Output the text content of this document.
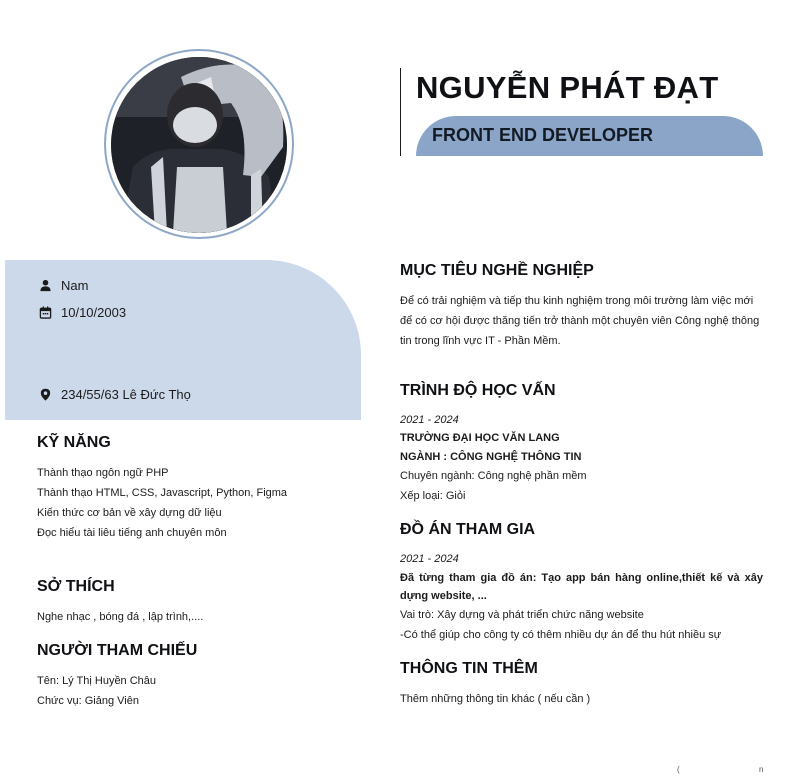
NGUYỄN PHÁT ĐẠT
FRONT END DEVELOPER
Nam
10/10/2003
234/55/63 Lê Đức Thọ
KỸ NĂNG
Thành thạo ngôn ngữ PHP
Thành thạo HTML, CSS, Javascript, Python, Figma
Kiến thức cơ bản về xây dựng dữ liệu
Đọc hiểu tài liêu tiếng anh chuyên môn
SỞ THÍCH
Nghe nhạc , bóng đá , lập trình,....
NGƯỜI THAM CHIẾU
Tên: Lý Thị Huyền Châu
Chức vụ: Giảng Viên
MỤC TIÊU NGHỀ NGHIỆP
Để có trải nghiệm và tiếp thu kinh nghiệm trong môi trường làm việc mới để có cơ hội được thăng tiến trở thành một chuyên viên Công nghệ thông tin trong lĩnh vực IT - Phần Mềm.
TRÌNH ĐỘ HỌC VẤN
2021 - 2024
TRƯỜNG ĐẠI HỌC VĂN LANG
NGÀNH : CÔNG NGHỆ THÔNG TIN
Chuyên ngành: Công nghệ phần mềm
Xếp loại: Giỏi
ĐỒ ÁN THAM GIA
2021 - 2024
Đã từng tham gia đồ án: Tạo app bán hàng online,thiết kế và xây dựng website, ...
Vai trò: Xây dựng và phát triển chức năng website
-Có thể giúp cho công ty có thêm nhiều dự án để thu hút nhiều sự
THÔNG TIN THÊM
Thêm những thông tin khác ( nếu cần )
(	n
